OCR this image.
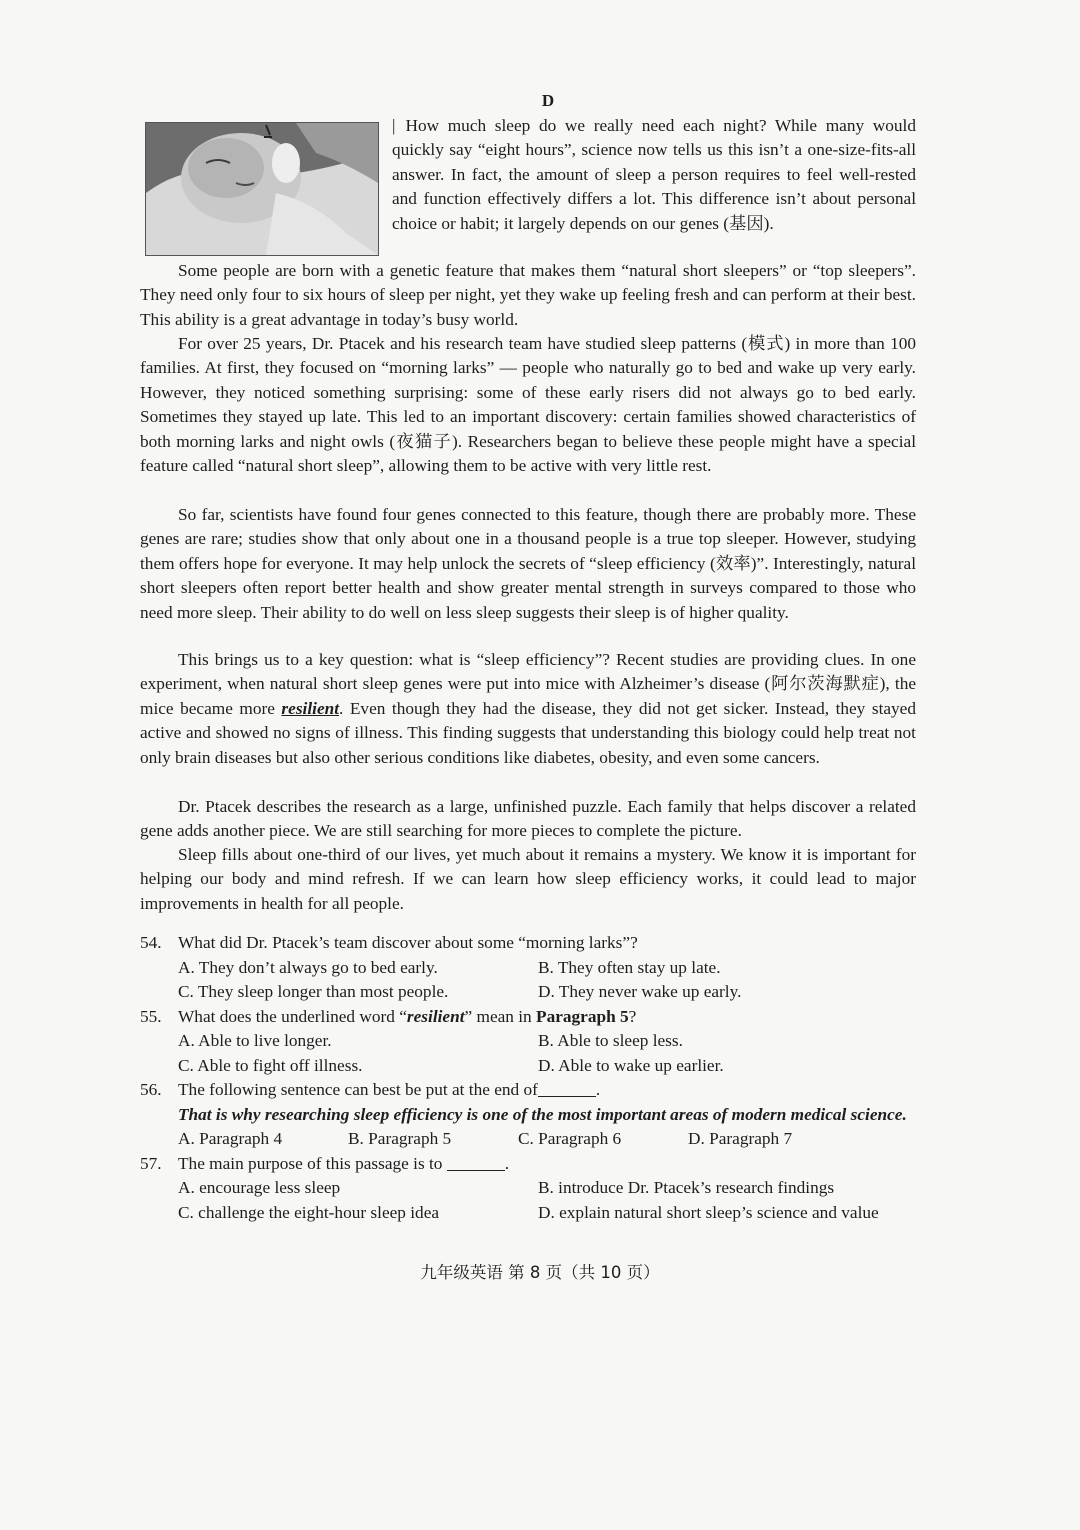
D

| How much sleep do we really need each night? While many would quickly say “eight hours”, science now tells us this isn’t a one-size-fits-all answer. In fact, the amount of sleep a person requires to feel well-rested and function effectively differs a lot. This difference isn’t about personal choice or habit; it largely depends on our genes (基因).

Some people are born with a genetic feature that makes them “natural short sleepers” or “top sleepers”. They need only four to six hours of sleep per night, yet they wake up feeling fresh and can perform at their best. This ability is a great advantage in today’s busy world.

For over 25 years, Dr. Ptacek and his research team have studied sleep patterns (模式) in more than 100 families. At first, they focused on “morning larks” — people who naturally go to bed and wake up very early. However, they noticed something surprising: some of these early risers did not always go to bed early. Sometimes they stayed up late. This led to an important discovery: certain families showed characteristics of both morning larks and night owls (夜猫子). Researchers began to believe these people might have a special feature called “natural short sleep”, allowing them to be active with very little rest.

So far, scientists have found four genes connected to this feature, though there are probably more. These genes are rare; studies show that only about one in a thousand people is a true top sleeper. However, studying them offers hope for everyone. It may help unlock the secrets of “sleep efficiency (效率)”. Interestingly, natural short sleepers often report better health and show greater mental strength in surveys compared to those who need more sleep. Their ability to do well on less sleep suggests their sleep is of higher quality.

This brings us to a key question: what is “sleep efficiency”? Recent studies are providing clues. In one experiment, when natural short sleep genes were put into mice with Alzheimer’s disease (阿尔茨海默症), the mice became more resilient. Even though they had the disease, they did not get sicker. Instead, they stayed active and showed no signs of illness. This finding suggests that understanding this biology could help treat not only brain diseases but also other serious conditions like diabetes, obesity, and even some cancers.

Dr. Ptacek describes the research as a large, unfinished puzzle. Each family that helps discover a related gene adds another piece. We are still searching for more pieces to complete the picture.

Sleep fills about one-third of our lives, yet much about it remains a mystery. We know it is important for helping our body and mind refresh. If we can learn how sleep efficiency works, it could lead to major improvements in health for all people.

54. What did Dr. Ptacek’s team discover about some “morning larks”?
A. They don’t always go to bed early.	B. They often stay up late.
C. They sleep longer than most people.	D. They never wake up early.
55. What does the underlined word “resilient” mean in Paragraph 5?
A. Able to live longer.	B. Able to sleep less.
C. Able to fight off illness.	D. Able to wake up earlier.
56. The following sentence can best be put at the end of	.
That is why researching sleep efficiency is one of the most important areas of modern medical science.
A. Paragraph 4	B. Paragraph 5	C. Paragraph 6	D. Paragraph 7
57. The main purpose of this passage is to	.
A. encourage less sleep	B. introduce Dr. Ptacek’s research findings
C. challenge the eight-hour sleep idea	D. explain natural short sleep’s science and value
九年级英语 第 8 页（共 10 页）
